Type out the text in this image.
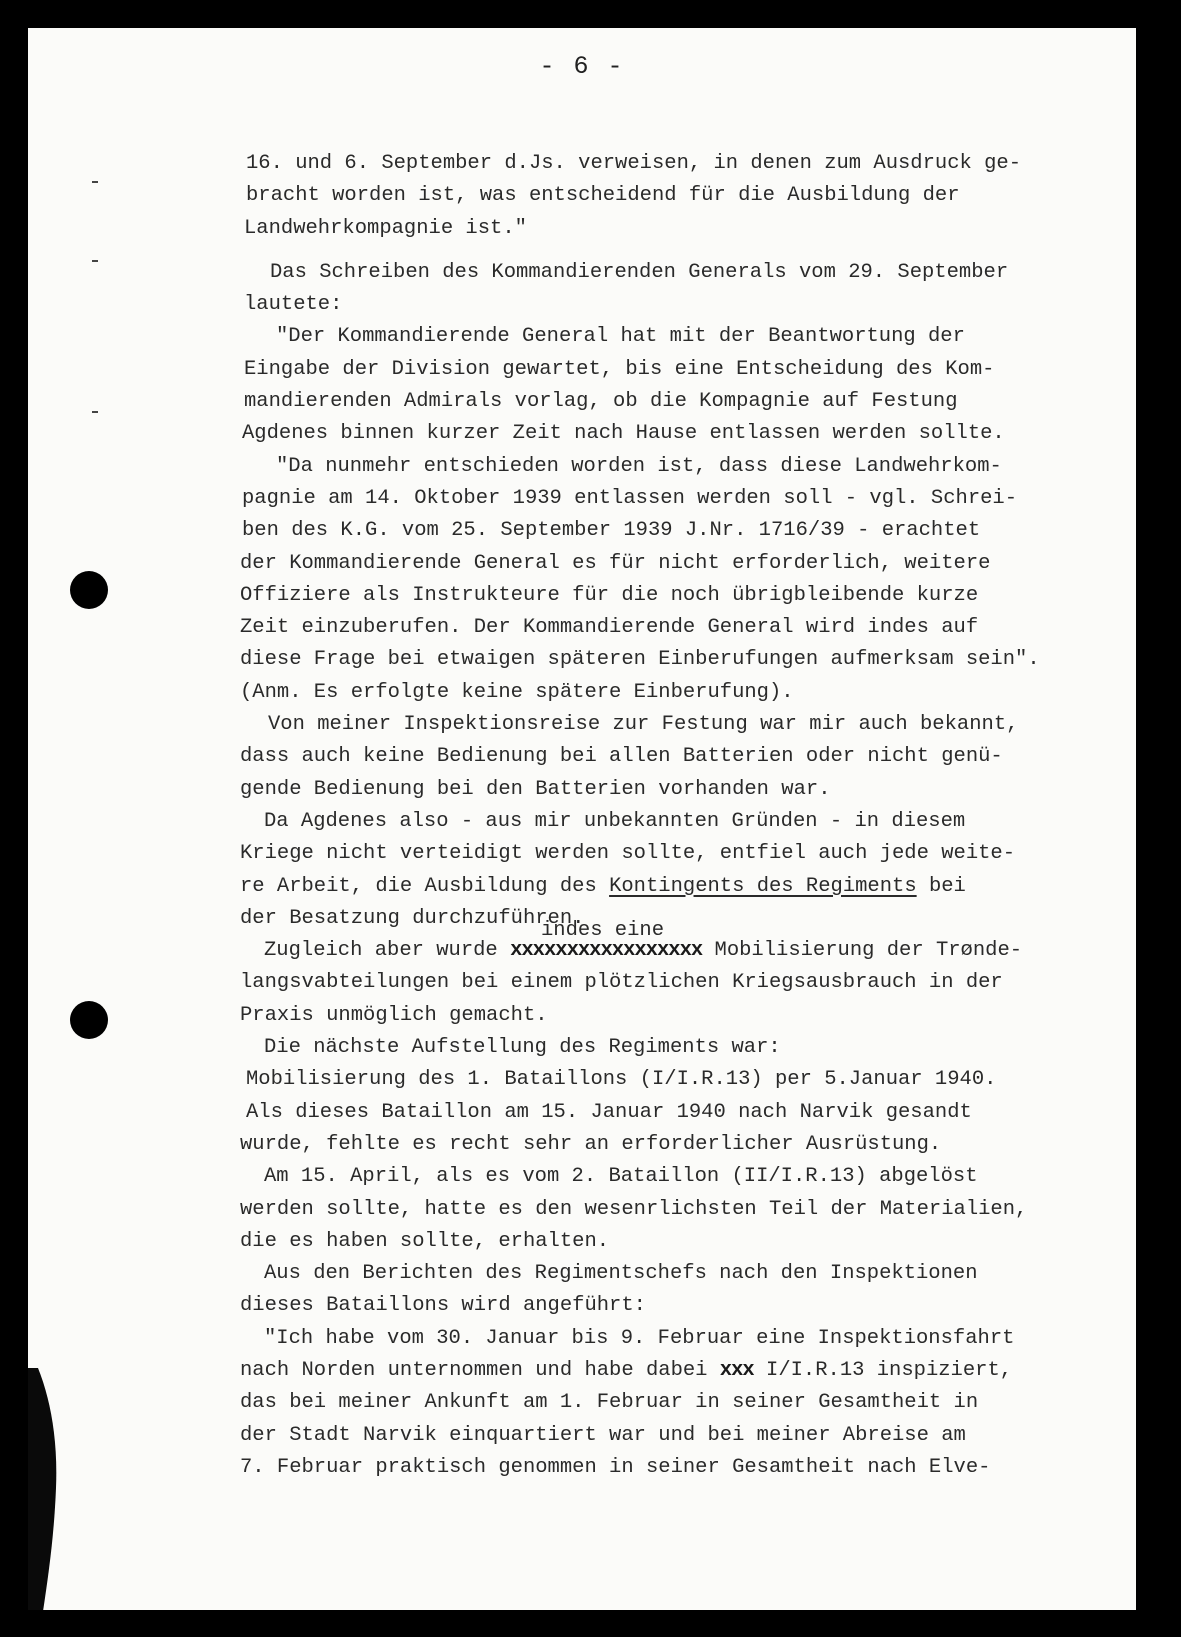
- 6 -
16. und 6. September d.Js. verweisen, in denen zum Ausdruck ge-
bracht worden ist, was entscheidend für die Ausbildung der
Landwehrkompagnie ist."
Das Schreiben des Kommandierenden Generals vom 29. September
lautete:
"Der Kommandierende General hat mit der Beantwortung der
Eingabe der Division gewartet, bis eine Entscheidung des Kom-
mandierenden Admirals vorlag, ob die Kompagnie auf Festung
Agdenes binnen kurzer Zeit nach Hause entlassen werden sollte.
"Da nunmehr entschieden worden ist, dass diese Landwehrkom-
pagnie am 14. Oktober 1939 entlassen werden soll - vgl. Schrei-
ben des K.G. vom 25. September 1939 J.Nr. 1716/39 - erachtet
der Kommandierende General es für nicht erforderlich, weitere
Offiziere als Instrukteure für die noch übrigbleibende kurze
Zeit einzuberufen. Der Kommandierende General wird indes auf
diese Frage bei etwaigen späteren Einberufungen aufmerksam sein".
(Anm. Es erfolgte keine spätere Einberufung).
Von meiner Inspektionsreise zur Festung war mir auch bekannt,
dass auch keine Bedienung bei allen Batterien oder nicht genü-
gende Bedienung bei den Batterien vorhanden war.
Da Agdenes also - aus mir unbekannten Gründen - in diesem
Kriege nicht verteidigt werden sollte, entfiel auch jede weite-
re Arbeit, die Ausbildung des Kontingents des Regiments bei
der Besatzung durchzuführen.
indes eine
Zugleich aber wurde xxxxxxxxxxxxxxxxx Mobilisierung der Trønde-
langsvabteilungen bei einem plötzlichen Kriegsausbrauch in der
Praxis unmöglich gemacht.
Die nächste Aufstellung des Regiments war:
Mobilisierung des 1. Bataillons (I/I.R.13) per 5.Januar 1940.
Als dieses Bataillon am 15. Januar 1940 nach Narvik gesandt
wurde, fehlte es recht sehr an erforderlicher Ausrüstung.
Am 15. April, als es vom 2. Bataillon (II/I.R.13) abgelöst
werden sollte, hatte es den wesenrlichsten Teil der Materialien,
die es haben sollte, erhalten.
Aus den Berichten des Regimentschefs nach den Inspektionen
dieses Bataillons wird angeführt:
"Ich habe vom 30. Januar bis 9. Februar eine Inspektionsfahrt
nach Norden unternommen und habe dabei xxx I/I.R.13 inspiziert,
das bei meiner Ankunft am 1. Februar in seiner Gesamtheit in
der Stadt Narvik einquartiert war und bei meiner Abreise am
7. Februar praktisch genommen in seiner Gesamtheit nach Elve-
